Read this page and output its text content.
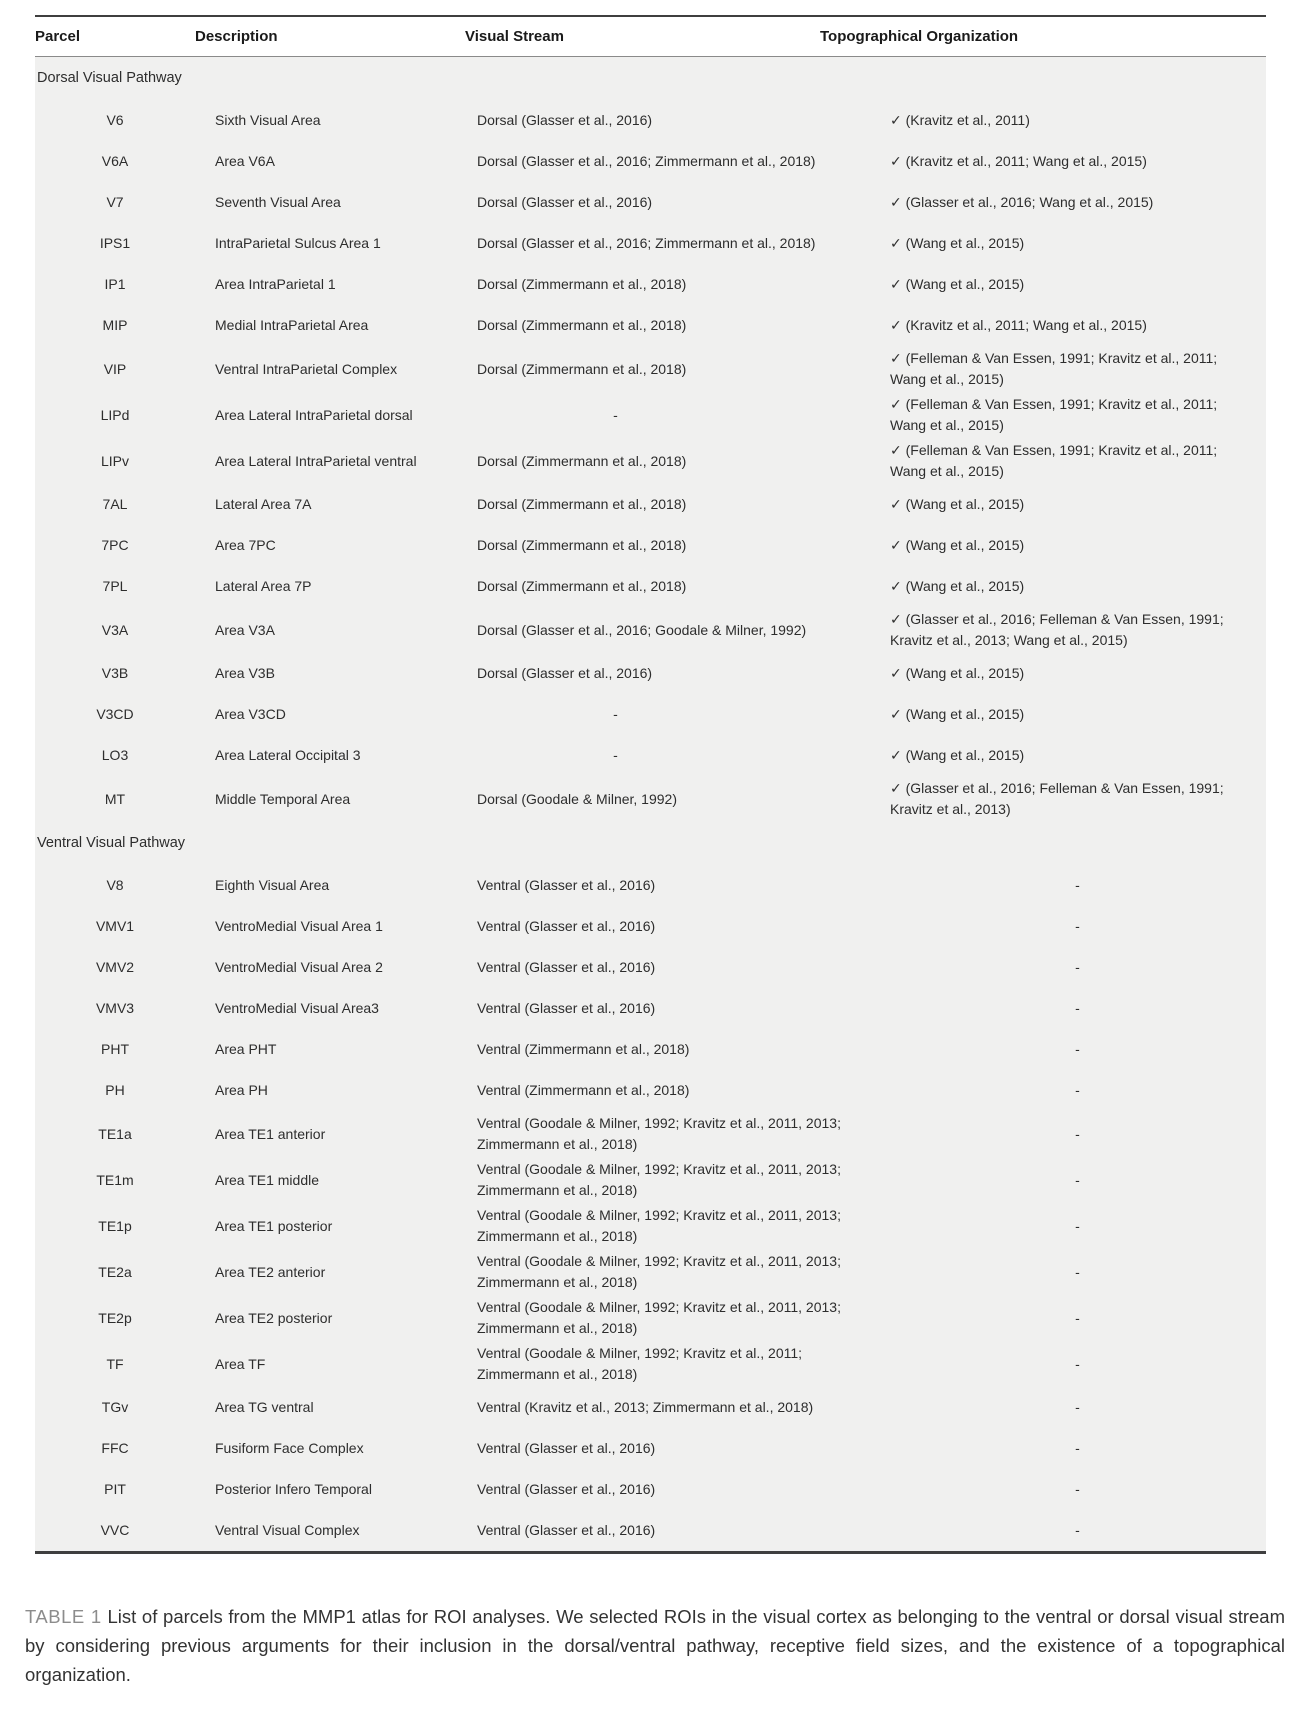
Parcel	Description	Visual Stream	Topographical Organization
Dorsal Visual Pathway			
V6	Sixth Visual Area	Dorsal (Glasser et al., 2016)	✓ (Kravitz et al., 2011)

V6A	Area V6A	Dorsal (Glasser et al., 2016; Zimmermann et al., 2018)	✓ (Kravitz et al., 2011; Wang et al., 2015)

V7	Seventh Visual Area	Dorsal (Glasser et al., 2016)	✓ (Glasser et al., 2016; Wang et al., 2015)

IPS1	IntraParietal Sulcus Area 1	Dorsal (Glasser et al., 2016; Zimmermann et al., 2018)	✓ (Wang et al., 2015)

IP1	Area IntraParietal 1	Dorsal (Zimmermann et al., 2018)	✓ (Wang et al., 2015)

MIP	Medial IntraParietal Area	Dorsal (Zimmermann et al., 2018)	✓ (Kravitz et al., 2011; Wang et al., 2015)

VIP	Ventral IntraParietal Complex	Dorsal (Zimmermann et al., 2018)	✓ (Felleman & Van Essen, 1991; Kravitz et al., 2011; Wang et al., 2015)

LIPd	Area Lateral IntraParietal dorsal	-	✓ (Felleman & Van Essen, 1991; Kravitz et al., 2011; Wang et al., 2015)

LIPv	Area Lateral IntraParietal ventral	Dorsal (Zimmermann et al., 2018)	✓ (Felleman & Van Essen, 1991; Kravitz et al., 2011; Wang et al., 2015)

7AL	Lateral Area 7A	Dorsal (Zimmermann et al., 2018)	✓ (Wang et al., 2015)

7PC	Area 7PC	Dorsal (Zimmermann et al., 2018)	✓ (Wang et al., 2015)

7PL	Lateral Area 7P	Dorsal (Zimmermann et al., 2018)	✓ (Wang et al., 2015)

V3A	Area V3A	Dorsal (Glasser et al., 2016; Goodale & Milner, 1992)	✓ (Glasser et al., 2016; Felleman & Van Essen, 1991; Kravitz et al., 2013; Wang et al., 2015)

V3B	Area V3B	Dorsal (Glasser et al., 2016)	✓ (Wang et al., 2015)

V3CD	Area V3CD	-	✓ (Wang et al., 2015)

LO3	Area Lateral Occipital 3	-	✓ (Wang et al., 2015)

MT	Middle Temporal Area	Dorsal (Goodale & Milner, 1992)	✓ (Glasser et al., 2016; Felleman & Van Essen, 1991; Kravitz et al., 2013)

Ventral Visual Pathway			
V8	Eighth Visual Area	Ventral (Glasser et al., 2016)	-
VMV1	VentroMedial Visual Area 1	Ventral (Glasser et al., 2016)	-
VMV2	VentroMedial Visual Area 2	Ventral (Glasser et al., 2016)	-
VMV3	VentroMedial Visual Area3	Ventral (Glasser et al., 2016)	-
PHT	Area PHT	Ventral (Zimmermann et al., 2018)	-
PH	Area PH	Ventral (Zimmermann et al., 2018)	-
TE1a	Area TE1 anterior	Ventral (Goodale & Milner, 1992; Kravitz et al., 2011, 2013; Zimmermann et al., 2018)	-
TE1m	Area TE1 middle	Ventral (Goodale & Milner, 1992; Kravitz et al., 2011, 2013; Zimmermann et al., 2018)	-
TE1p	Area TE1 posterior	Ventral (Goodale & Milner, 1992; Kravitz et al., 2011, 2013; Zimmermann et al., 2018)	-
TE2a	Area TE2 anterior	Ventral (Goodale & Milner, 1992; Kravitz et al., 2011, 2013; Zimmermann et al., 2018)	-
TE2p	Area TE2 posterior	Ventral (Goodale & Milner, 1992; Kravitz et al., 2011, 2013; Zimmermann et al., 2018)	-
TF	Area TF	Ventral (Goodale & Milner, 1992; Kravitz et al., 2011; Zimmermann et al., 2018)	-
TGv	Area TG ventral	Ventral (Kravitz et al., 2013; Zimmermann et al., 2018)	-
FFC	Fusiform Face Complex	Ventral (Glasser et al., 2016)	-
PIT	Posterior Infero Temporal	Ventral (Glasser et al., 2016)	-
VVC	Ventral Visual Complex	Ventral (Glasser et al., 2016)	-

TABLE 1 List of parcels from the MMP1 atlas for ROI analyses. We selected ROIs in the visual cortex as belonging to the ventral or dorsal visual stream by considering previous arguments for their inclusion in the dorsal/ventral pathway, receptive field sizes, and the existence of a topographical organization.
